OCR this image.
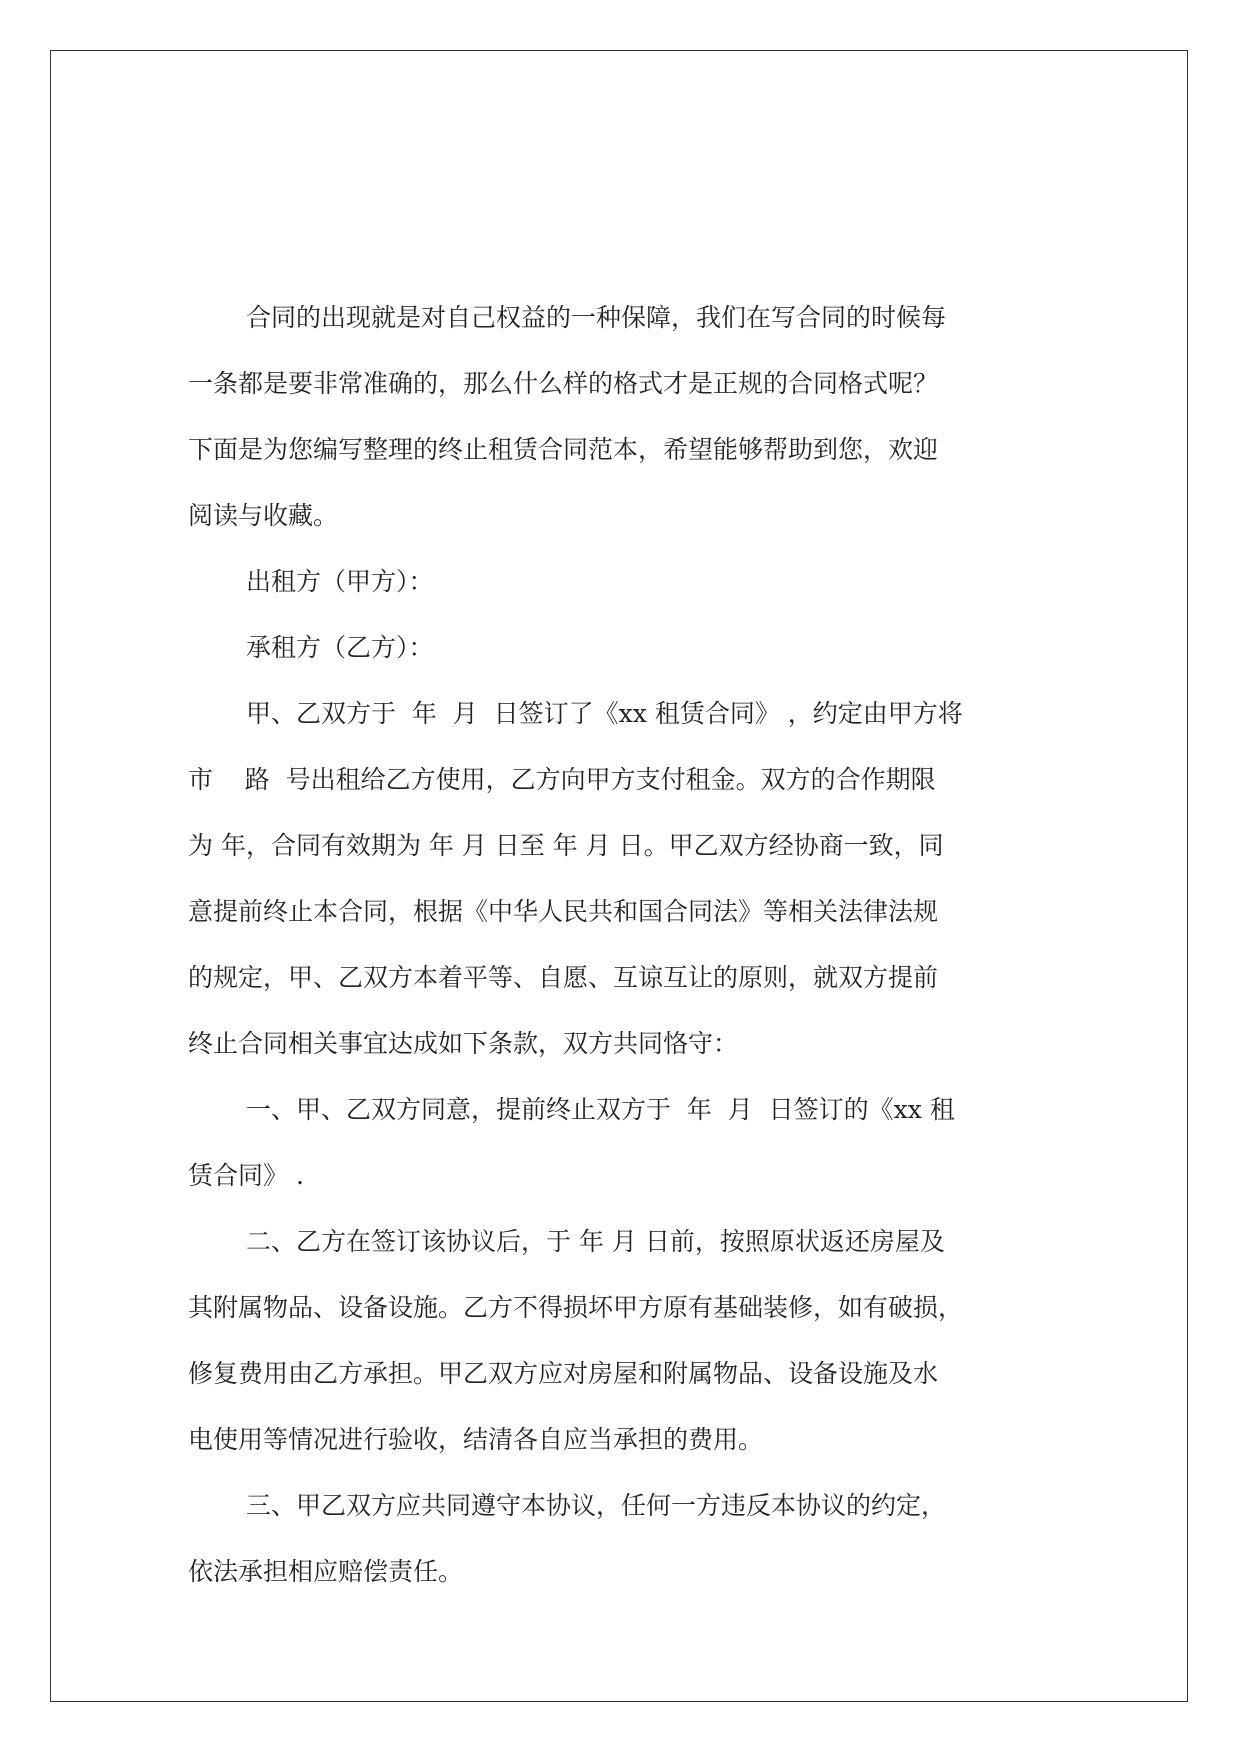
合同的出现就是对自己权益的一种保障，我们在写合同的时候每
一条都是要非常准确的，那么什么样的格式才是正规的合同格式呢？
下面是为您编写整理的终止租赁合同范本，希望能够帮助到您，欢迎
阅读与收藏。

出租方（甲方）：

承租方（乙方）：

甲、乙双方于  年  月  日签订了《xx 租赁合同》 ，约定由甲方将
市    路  号出租给乙方使用，乙方向甲方支付租金。双方的合作期限
为 年，合同有效期为 年 月 日至 年 月 日。甲乙双方经协商一致，同
意提前终止本合同，根据《中华人民共和国合同法》等相关法律法规
的规定，甲、乙双方本着平等、自愿、互谅互让的原则，就双方提前
终止合同相关事宜达成如下条款，双方共同恪守：

一、甲、乙双方同意，提前终止双方于  年  月  日签订的《xx 租
赁合同》 .

二、乙方在签订该协议后，于 年 月 日前，按照原状返还房屋及
其附属物品、设备设施。乙方不得损坏甲方原有基础装修，如有破损，
修复费用由乙方承担。甲乙双方应对房屋和附属物品、设备设施及水
电使用等情况进行验收，结清各自应当承担的费用。

三、甲乙双方应共同遵守本协议，任何一方违反本协议的约定，
依法承担相应赔偿责任。
